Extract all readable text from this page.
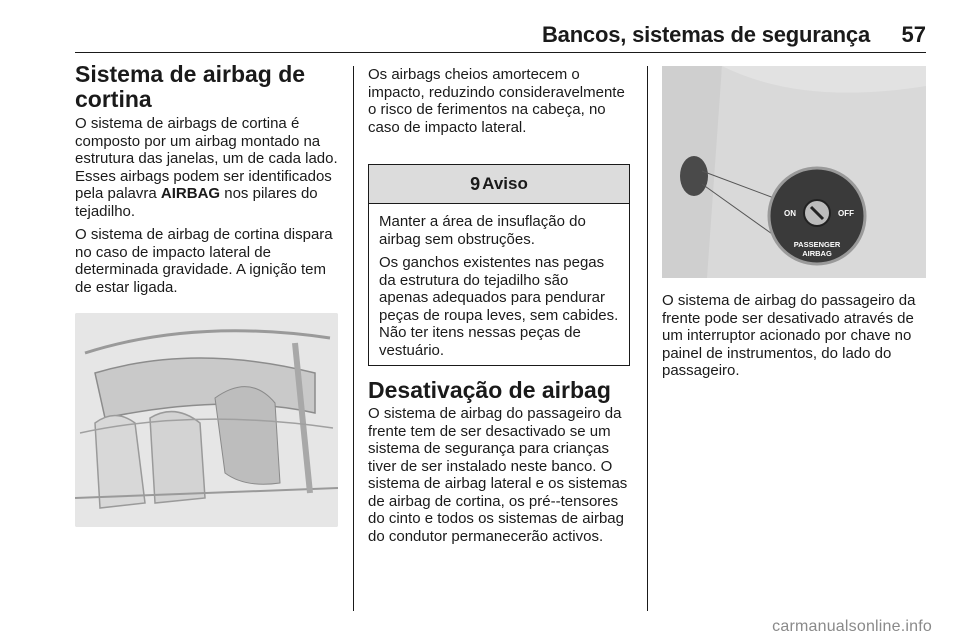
Bancos, sistemas de segurança	57
Sistema de airbag de cortina

O sistema de airbags de cortina é composto por um airbag montado na estrutura das janelas, um de cada lado. Esses airbags podem ser identificados pela palavra AIRBAG nos pilares do tejadilho.

O sistema de airbag de cortina dispara no caso de impacto lateral de determinada gravidade. A ignição tem de estar ligada.

Os airbags cheios amortecem o impacto, reduzindo consideravelmente o risco de ferimentos na cabeça, no caso de impacto lateral.

9 Aviso

Manter a área de insuflação do airbag sem obstruções.

Os ganchos existentes nas pegas da estrutura do tejadilho são apenas adequados para pendurar peças de roupa leves, sem cabides. Não ter itens nessas peças de vestuário.

Desativação de airbag

O sistema de airbag do passageiro da frente tem de ser desactivado se um sistema de segurança para crianças tiver de ser instalado neste banco. O sistema de airbag lateral e os sistemas de airbag de cortina, os pré--tensores do cinto e todos os sistemas de airbag do condutor permanecerão activos.

ON	OFF
PASSENGER
AIRBAG
O sistema de airbag do passageiro da frente pode ser desativado através de um interruptor acionado por chave no painel de instrumentos, do lado do passageiro.
carmanualsonline.info
